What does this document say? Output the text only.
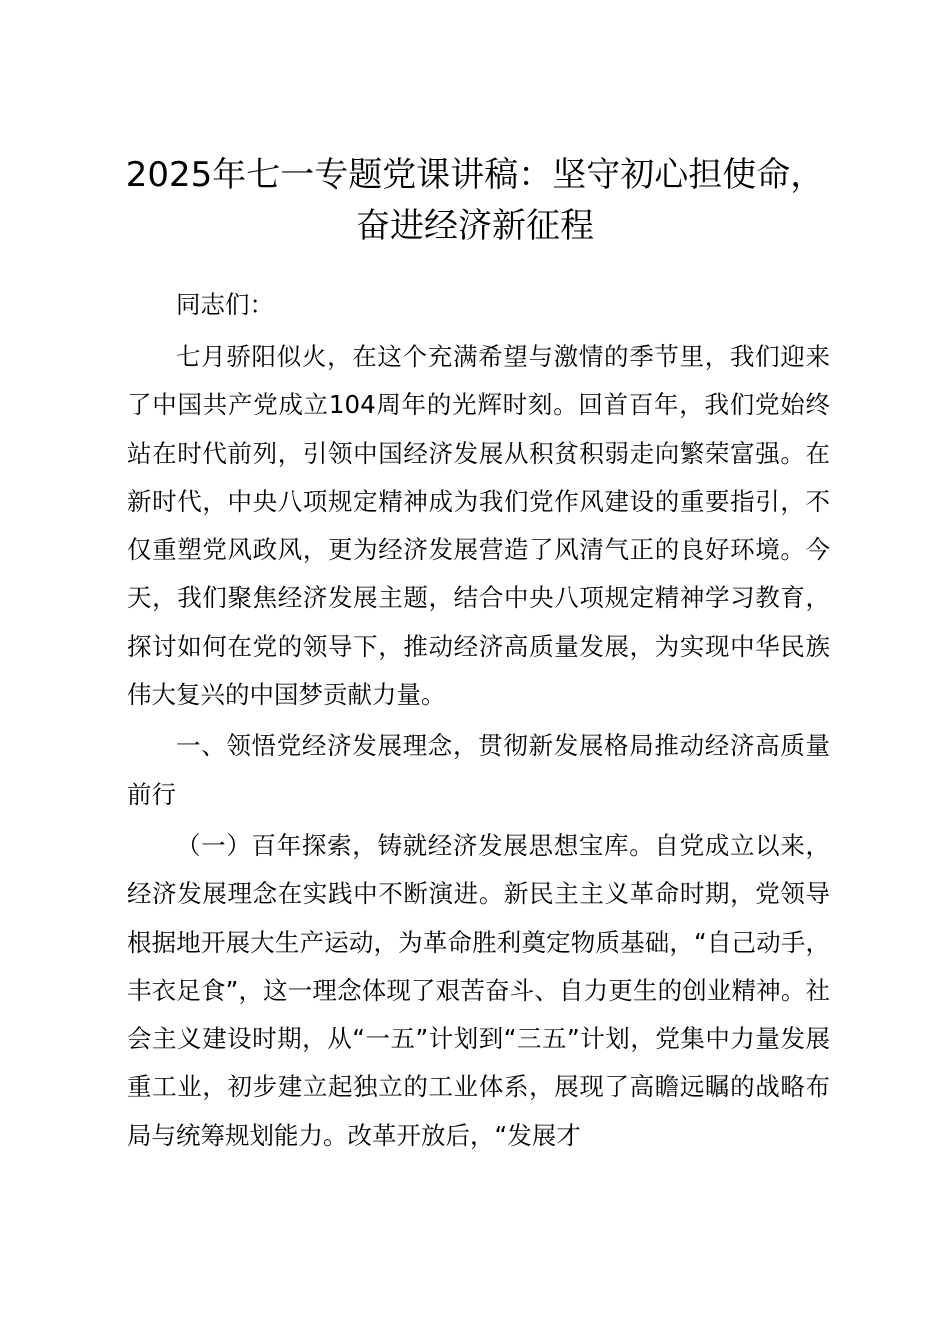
2025年七一专题党课讲稿：坚守初心担使命，
奋进经济新征程

同志们：

七月骄阳似火，在这个充满希望与激情的季节里，我们迎来了中国共产党成立104周年的光辉时刻。回首百年，我们党始终站在时代前列，引领中国经济发展从积贫积弱走向繁荣富强。在新时代，中央八项规定精神成为我们党作风建设的重要指引，不仅重塑党风政风，更为经济发展营造了风清气正的良好环境。今天，我们聚焦经济发展主题，结合中央八项规定精神学习教育，探讨如何在党的领导下，推动经济高质量发展，为实现中华民族伟大复兴的中国梦贡献力量。

一、领悟党经济发展理念，贯彻新发展格局推动经济高质量前行

（一）百年探索，铸就经济发展思想宝库。自党成立以来，经济发展理念在实践中不断演进。新民主主义革命时期，党领导根据地开展大生产运动，为革命胜利奠定物质基础，“自己动手，丰衣足食”，这一理念体现了艰苦奋斗、自力更生的创业精神。社会主义建设时期，从“一五”计划到“三五”计划，党集中力量发展重工业，初步建立起独立的工业体系，展现了高瞻远瞩的战略布局与统筹规划能力。改革开放后，“发展才
